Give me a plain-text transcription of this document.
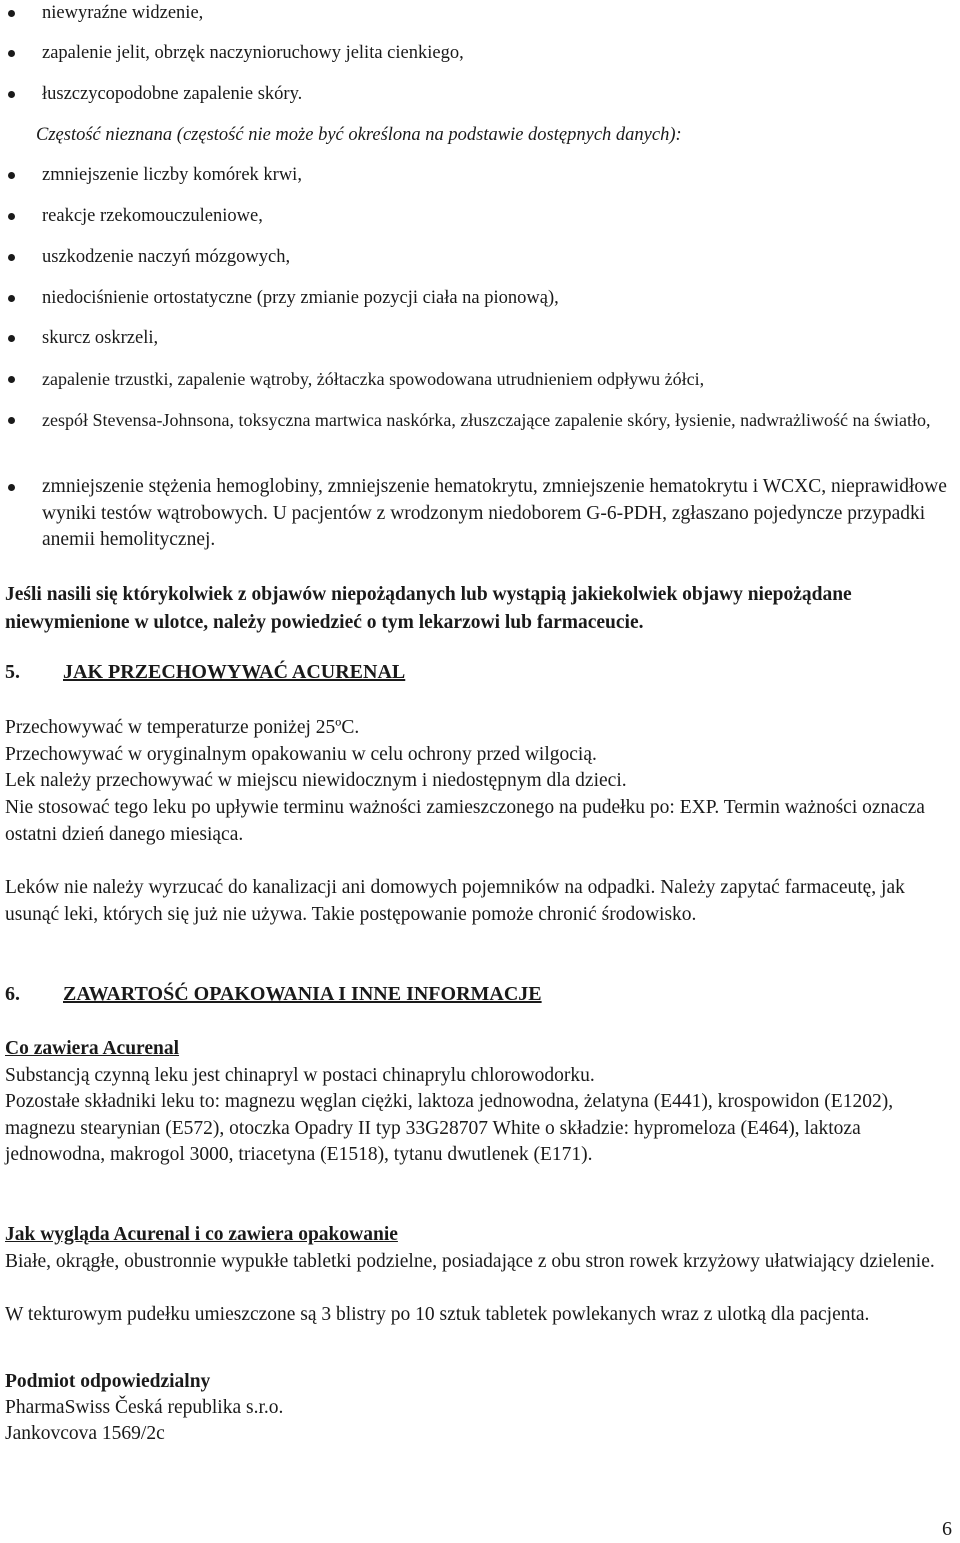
niewyraźne widzenie,
zapalenie jelit, obrzęk naczynioruchowy jelita cienkiego,
łuszczycopodobne zapalenie skóry.
Częstość nieznana (częstość nie może być określona na podstawie dostępnych danych):
zmniejszenie liczby komórek krwi,
reakcje rzekomouczuleniowe,
uszkodzenie naczyń mózgowych,
niedociśnienie ortostatyczne (przy zmianie pozycji ciała na pionową),
skurcz oskrzeli,
zapalenie trzustki, zapalenie wątroby, żółtaczka spowodowana utrudnieniem odpływu żółci,
zespół Stevensa-Johnsona, toksyczna martwica naskórka, złuszczające zapalenie skóry, łysienie, nadwrażliwość na światło,
zmniejszenie stężenia hemoglobiny, zmniejszenie hematokrytu, zmniejszenie hematokrytu i WCXC, nieprawidłowe wyniki testów wątrobowych. U pacjentów z wrodzonym niedoborem G-6-PDH, zgłaszano pojedyncze przypadki anemii hemolitycznej.
Jeśli nasili się którykolwiek z objawów niepożądanych lub wystąpią jakiekolwiek objawy niepożądane niewymienione w ulotce, należy powiedzieć o tym lekarzowi lub farmaceucie.
5. JAK PRZECHOWYWAĆ ACURENAL
Przechowywać w temperaturze poniżej 25ºC.
Przechowywać w oryginalnym opakowaniu w celu ochrony przed wilgocią.
Lek należy przechowywać w miejscu niewidocznym i niedostępnym dla dzieci.
Nie stosować tego leku po upływie terminu ważności zamieszczonego na pudełku po: EXP. Termin ważności oznacza ostatni dzień danego miesiąca.
Leków nie należy wyrzucać do kanalizacji ani domowych pojemników na odpadki. Należy zapytać farmaceutę, jak usunąć leki, których się już nie używa. Takie postępowanie pomoże chronić środowisko.
6. ZAWARTOŚĆ OPAKOWANIA I INNE INFORMACJE
Co zawiera Acurenal
Substancją czynną leku jest chinapryl w postaci chinaprylu chlorowodorku.
Pozostałe składniki leku to: magnezu węglan ciężki, laktoza jednowodna, żelatyna (E441), krospowidon (E1202), magnezu stearynian (E572), otoczka Opadry II typ 33G28707 White o składzie: hypromeloza (E464), laktoza jednowodna, makrogol 3000, triacetyna (E1518), tytanu dwutlenek (E171).
Jak wygląda Acurenal i co zawiera opakowanie
Białe, okrągłe, obustronnie wypukłe tabletki podzielne, posiadające z obu stron rowek krzyżowy ułatwiający dzielenie.
W tekturowym pudełku umieszczone są 3 blistry po 10 sztuk tabletek powlekanych wraz z ulotką dla pacjenta.
Podmiot odpowiedzialny
PharmaSwiss Česká republika s.r.o.
Jankovcova 1569/2c
6
